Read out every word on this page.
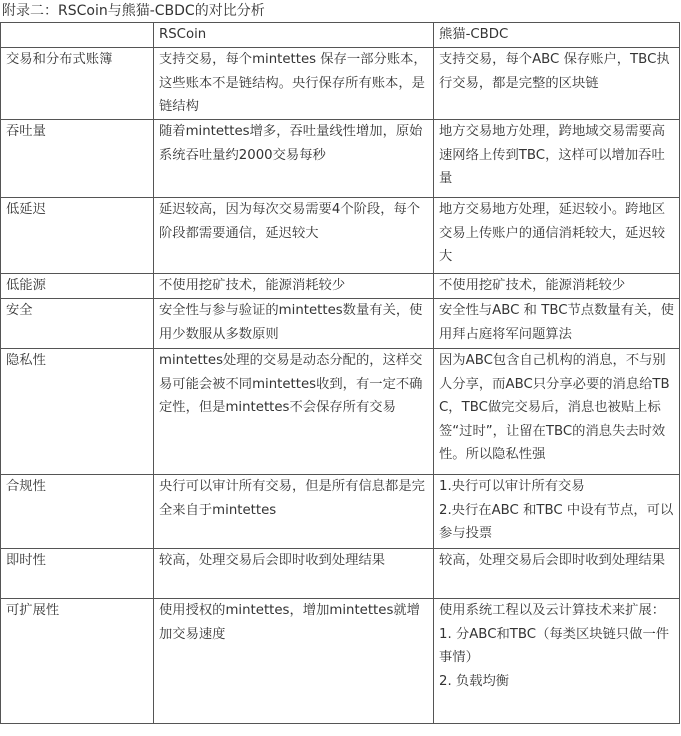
附录二：RSCoin与熊猫-CBDC的对比分析
	RSCoin	熊猫-CBDC
交易和分布式账簿	支持交易，每个mintettes 保存一部分账本，这些账本不是链结构。央行保存所有账本，是链结构	支持交易，每个ABC 保存账户，TBC执行交易，都是完整的区块链
吞吐量	随着mintettes增多，吞吐量线性增加，原始系统吞吐量约2000交易每秒	地方交易地方处理，跨地域交易需要高速网络上传到TBC，这样可以增加吞吐量
低延迟	延迟较高，因为每次交易需要4个阶段，每个阶段都需要通信，延迟较大	地方交易地方处理，延迟较小。跨地区交易上传账户的通信消耗较大，延迟较大
低能源	不使用挖矿技术，能源消耗较少	不使用挖矿技术，能源消耗较少
安全	安全性与参与验证的mintettes数量有关，使用少数服从多数原则	安全性与ABC 和 TBC节点数量有关，使用拜占庭将军问题算法
隐私性	mintettes处理的交易是动态分配的，这样交易可能会被不同mintettes收到，有一定不确定性，但是mintettes不会保存所有交易	因为ABC包含自己机构的消息，不与别人分享，而ABC只分享必要的消息给TBC，TBC做完交易后，消息也被贴上标签“过时”，让留在TBC的消息失去时效性。所以隐私性强
合规性	央行可以审计所有交易，但是所有信息都是完全来自于mintettes	1.央行可以审计所有交易
2.央行在ABC 和TBC 中设有节点，可以参与投票

即时性	较高，处理交易后会即时收到处理结果	较高，处理交易后会即时收到处理结果
可扩展性	使用授权的mintettes，增加mintettes就增加交易速度	使用系统工程以及云计算技术来扩展：
1. 分ABC和TBC（每类区块链只做一件事情）
2. 负载均衡
